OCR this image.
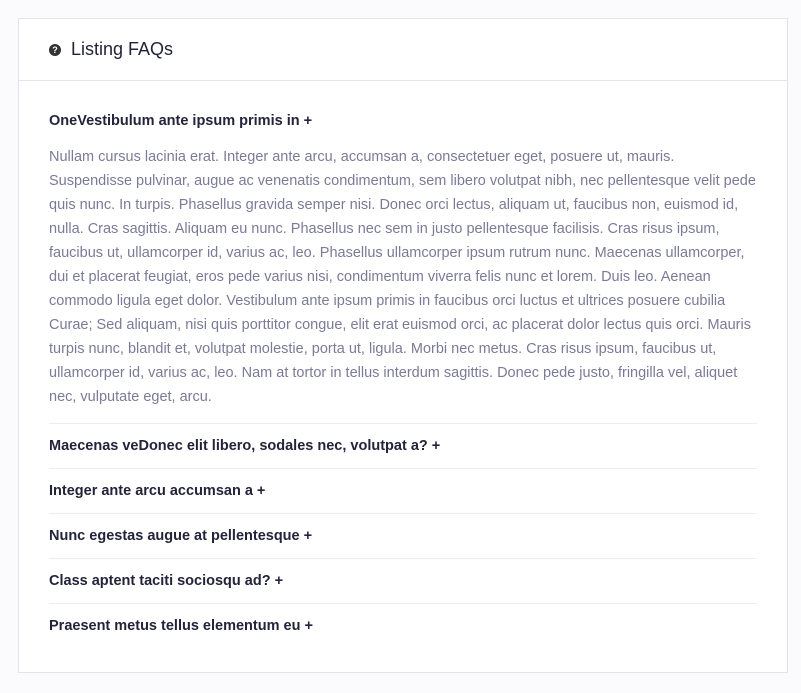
? Listing FAQs
OneVestibulum ante ipsum primis in +
Nullam cursus lacinia erat. Integer ante arcu, accumsan a, consectetuer eget, posuere ut, mauris. Suspendisse pulvinar, augue ac venenatis condimentum, sem libero volutpat nibh, nec pellentesque velit pede quis nunc. In turpis. Phasellus gravida semper nisi. Donec orci lectus, aliquam ut, faucibus non, euismod id, nulla. Cras sagittis. Aliquam eu nunc. Phasellus nec sem in justo pellentesque facilisis. Cras risus ipsum, faucibus ut, ullamcorper id, varius ac, leo. Phasellus ullamcorper ipsum rutrum nunc. Maecenas ullamcorper, dui et placerat feugiat, eros pede varius nisi, condimentum viverra felis nunc et lorem. Duis leo. Aenean commodo ligula eget dolor. Vestibulum ante ipsum primis in faucibus orci luctus et ultrices posuere cubilia Curae; Sed aliquam, nisi quis porttitor congue, elit erat euismod orci, ac placerat dolor lectus quis orci. Mauris turpis nunc, blandit et, volutpat molestie, porta ut, ligula. Morbi nec metus. Cras risus ipsum, faucibus ut, ullamcorper id, varius ac, leo. Nam at tortor in tellus interdum sagittis. Donec pede justo, fringilla vel, aliquet nec, vulputate eget, arcu.
Maecenas veDonec elit libero, sodales nec, volutpat a? +
Integer ante arcu accumsan a +
Nunc egestas augue at pellentesque +
Class aptent taciti sociosqu ad? +
Praesent metus tellus elementum eu +
